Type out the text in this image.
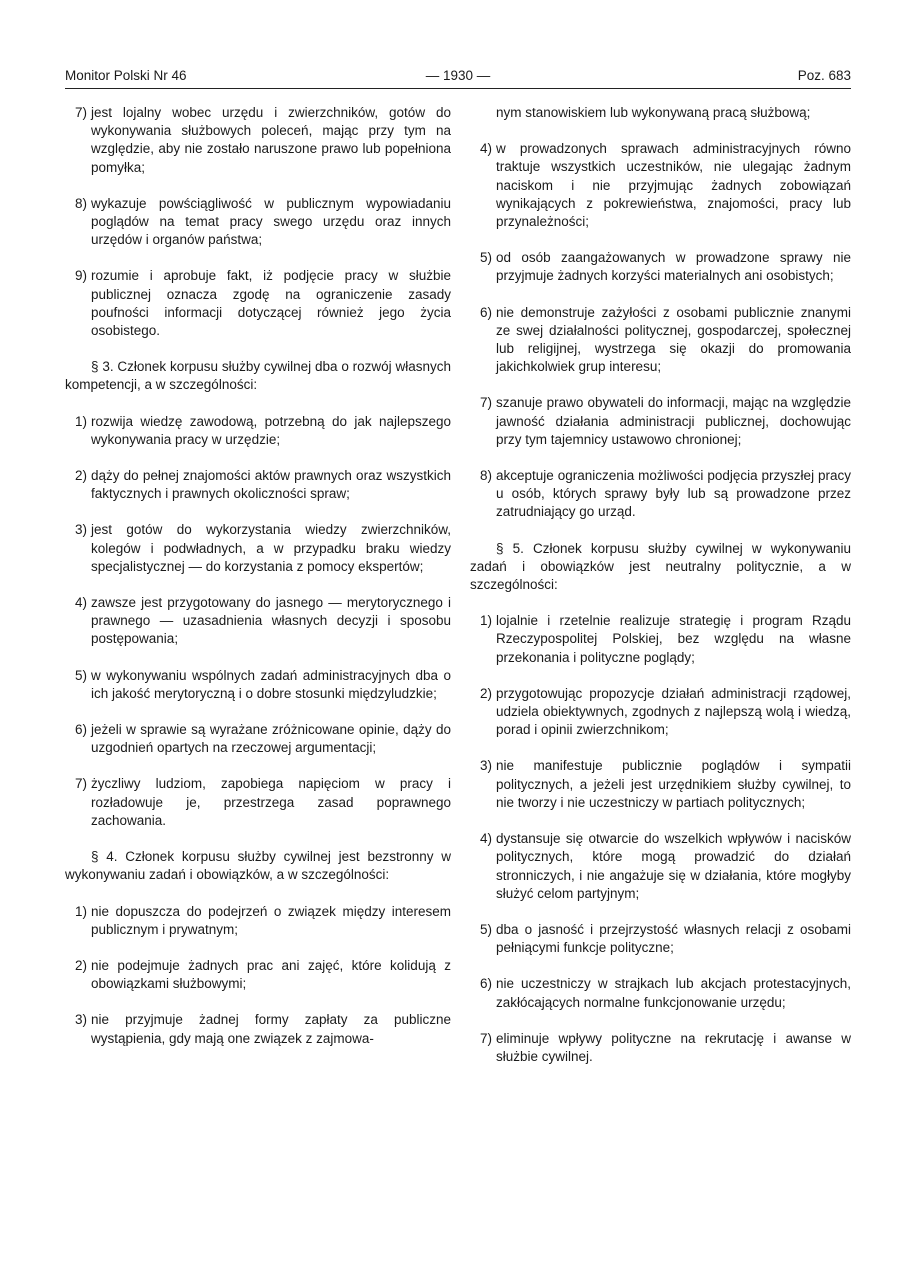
Monitor Polski Nr 46	— 1930 —	Poz. 683
7) jest lojalny wobec urzędu i zwierzchników, gotów do wykonywania służbowych poleceń, mając przy tym na względzie, aby nie zostało naruszone prawo lub popełniona pomyłka;
8) wykazuje powściągliwość w publicznym wypowiadaniu poglądów na temat pracy swego urzędu oraz innych urzędów i organów państwa;
9) rozumie i aprobuje fakt, iż podjęcie pracy w służbie publicznej oznacza zgodę na ograniczenie zasady poufności informacji dotyczącej również jego życia osobistego.

§ 3. Członek korpusu służby cywilnej dba o rozwój własnych kompetencji, a w szczególności:

1) rozwija wiedzę zawodową, potrzebną do jak najlepszego wykonywania pracy w urzędzie;
2) dąży do pełnej znajomości aktów prawnych oraz wszystkich faktycznych i prawnych okoliczności spraw;
3) jest gotów do wykorzystania wiedzy zwierzchników, kolegów i podwładnych, a w przypadku braku wiedzy specjalistycznej — do korzystania z pomocy ekspertów;
4) zawsze jest przygotowany do jasnego — merytorycznego i prawnego — uzasadnienia własnych decyzji i sposobu postępowania;
5) w wykonywaniu wspólnych zadań administracyjnych dba o ich jakość merytoryczną i o dobre stosunki międzyludzkie;
6) jeżeli w sprawie są wyrażane zróżnicowane opinie, dąży do uzgodnień opartych na rzeczowej argumentacji;
7) życzliwy ludziom, zapobiega napięciom w pracy i rozładowuje je, przestrzega zasad poprawnego zachowania.

§ 4. Członek korpusu służby cywilnej jest bezstronny w wykonywaniu zadań i obowiązków, a w szczególności:

1) nie dopuszcza do podejrzeń o związek między interesem publicznym i prywatnym;
2) nie podejmuje żadnych prac ani zajęć, które kolidują z obowiązkami służbowymi;
3) nie przyjmuje żadnej formy zapłaty za publiczne wystąpienia, gdy mają one związek z zajmowa-
nym stanowiskiem lub wykonywaną pracą służbową;
4) w prowadzonych sprawach administracyjnych równo traktuje wszystkich uczestników, nie ulegając żadnym naciskom i nie przyjmując żadnych zobowiązań wynikających z pokrewieństwa, znajomości, pracy lub przynależności;
5) od osób zaangażowanych w prowadzone sprawy nie przyjmuje żadnych korzyści materialnych ani osobistych;
6) nie demonstruje zażyłości z osobami publicznie znanymi ze swej działalności politycznej, gospodarczej, społecznej lub religijnej, wystrzega się okazji do promowania jakichkolwiek grup interesu;
7) szanuje prawo obywateli do informacji, mając na względzie jawność działania administracji publicznej, dochowując przy tym tajemnicy ustawowo chronionej;
8) akceptuje ograniczenia możliwości podjęcia przyszłej pracy u osób, których sprawy były lub są prowadzone przez zatrudniający go urząd.

§ 5. Członek korpusu służby cywilnej w wykonywaniu zadań i obowiązków jest neutralny politycznie, a w szczególności:

1) lojalnie i rzetelnie realizuje strategię i program Rządu Rzeczypospolitej Polskiej, bez względu na własne przekonania i polityczne poglądy;
2) przygotowując propozycje działań administracji rządowej, udziela obiektywnych, zgodnych z najlepszą wolą i wiedzą, porad i opinii zwierzchnikom;
3) nie manifestuje publicznie poglądów i sympatii politycznych, a jeżeli jest urzędnikiem służby cywilnej, to nie tworzy i nie uczestniczy w partiach politycznych;
4) dystansuje się otwarcie do wszelkich wpływów i nacisków politycznych, które mogą prowadzić do działań stronniczych, i nie angażuje się w działania, które mogłyby służyć celom partyjnym;
5) dba o jasność i przejrzystość własnych relacji z osobami pełniącymi funkcje polityczne;
6) nie uczestniczy w strajkach lub akcjach protestacyjnych, zakłócających normalne funkcjonowanie urzędu;
7) eliminuje wpływy polityczne na rekrutację i awanse w służbie cywilnej.
